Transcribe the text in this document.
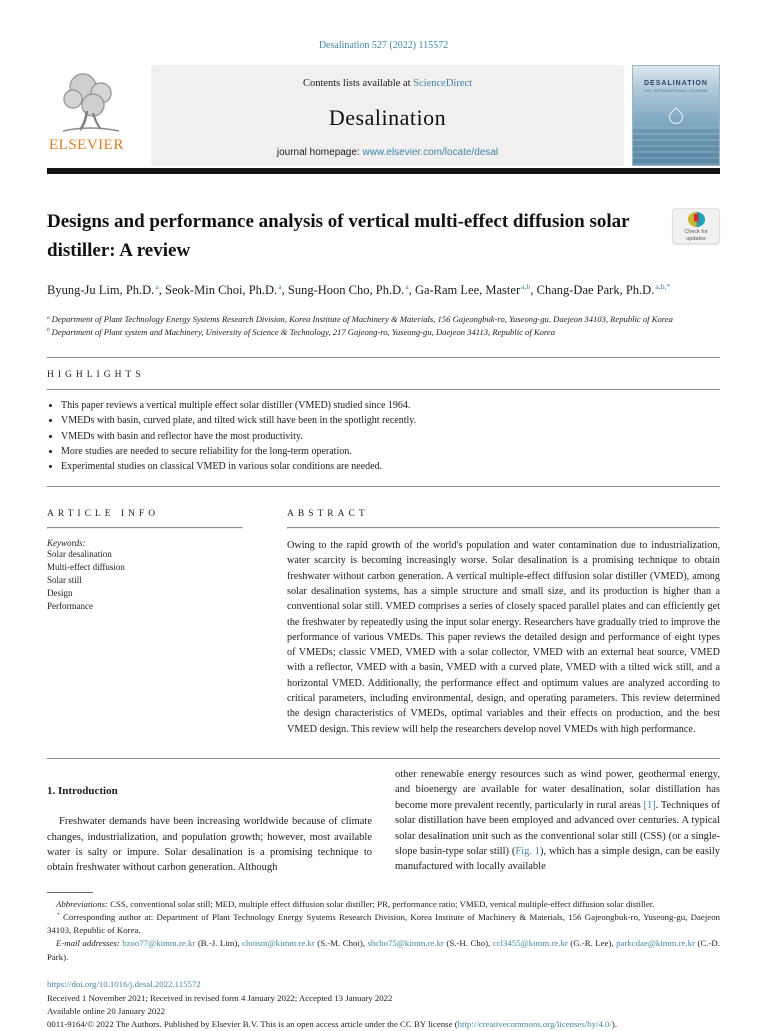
Desalination 527 (2022) 115572
ELSEVIER
Contents lists available at ScienceDirect
Desalination
journal homepage: www.elsevier.com/locate/desal
DESALINATION
THE INTERNATIONAL JOURNAL
Designs and performance analysis of vertical multi-effect diffusion solar distiller: A review
Check for
updates
Byung-Ju Lim, Ph.D.$^a$, Seok-Min Choi, Ph.D.$^a$, Sung-Hoon Cho, Ph.D.$^a$, Ga-Ram Lee, Master$^{a,b}$, Chang-Dae Park, Ph.D.$^{a,b,*}$
$^a$ Department of Plant Technology Energy Systems Research Division, Korea Institute of Machinery & Materials, 156 Gajeongbuk-ro, Yuseong-gu, Daejeon 34103, Republic of Korea
$^b$ Department of Plant system and Machinery, University of Science & Technology, 217 Gajeong-ro, Yuseong-gu, Daejeon 34113, Republic of Korea
HIGHLIGHTS
• This paper reviews a vertical multiple effect solar distiller (VMED) studied since 1964.
• VMEDs with basin, curved plate, and tilted wick still have been in the spotlight recently.
• VMEDs with basin and reflector have the most productivity.
• More studies are needed to secure reliability for the long-term operation.
• Experimental studies on classical VMED in various solar conditions are needed.
ARTICLE INFO
Keywords:
Solar desalination
Multi-effect diffusion
Solar still
Design
Performance
ABSTRACT

Owing to the rapid growth of the world's population and water contamination due to industrialization, water scarcity is becoming increasingly worse. Solar desalination is a promising technique to obtain freshwater without carbon generation. A vertical multiple-effect diffusion solar distiller (VMED), among solar desalination systems, has a simple structure and small size, and its production is higher than a conventional solar still. VMED comprises a series of closely spaced parallel plates and can efficiently get the freshwater by repeatedly using the input solar energy. Researchers have gradually tried to improve the performance of various VMEDs. This paper reviews the detailed design and performance of eight types of VMEDs; classic VMED, VMED with a solar collector, VMED with an external heat source, VMED with a reflector, VMED with a basin, VMED with a curved plate, VMED with a tilted wick still, and a horizontal VMED. Additionally, the performance effect and optimum values are analyzed according to critical parameters, including environmental, design, and operating parameters. This review determined the design characteristics of VMEDs, optimal variables and their effects on production, and the best VMED design. This review will help the researchers develop novel VMEDs with high performance.

1. Introduction

Freshwater demands have been increasing worldwide because of climate changes, industrialization, and population growth; however, most available water is salty or impure. Solar desalination is a promising technique to obtain freshwater without carbon generation. Although

other renewable energy resources such as wind power, geothermal energy, and bioenergy are available for water desalination, solar distillation has become more prevalent recently, particularly in rural areas [1]. Techniques of solar distillation have been employed and advanced over centuries. A typical solar desalination unit such as the conventional solar still (CSS) (or a single-slope basin-type solar still) (Fig. 1), which has a simple design, can be easily manufactured with locally available

Abbreviations: CSS, conventional solar still; MED, multiple effect diffusion solar distiller; PR, performance ratio; VMED, vertical multiple-effect diffusion solar distiller.

* Corresponding author at: Department of Plant Technology Energy Systems Research Division, Korea Institute of Machinery & Materials, 156 Gajeongbuk-ro, Yuseong-gu, Daejeon 34103, Republic of Korea.

E-mail addresses: bzoo77@kimm.re.kr (B.-J. Lim), choism@kimm.re.kr (S.-M. Choi), shcho75@kimm.re.kr (S.-H. Cho), ccl3455@kimm.re.kr (G.-R. Lee), parkcdae@kimm.re.kr (C.-D. Park).

https://doi.org/10.1016/j.desal.2022.115572
Received 1 November 2021; Received in revised form 4 January 2022; Accepted 13 January 2022
Available online 20 January 2022
0011-9164/© 2022 The Authors. Published by Elsevier B.V. This is an open access article under the CC BY license (http://creativecommons.org/licenses/by/4.0/).
